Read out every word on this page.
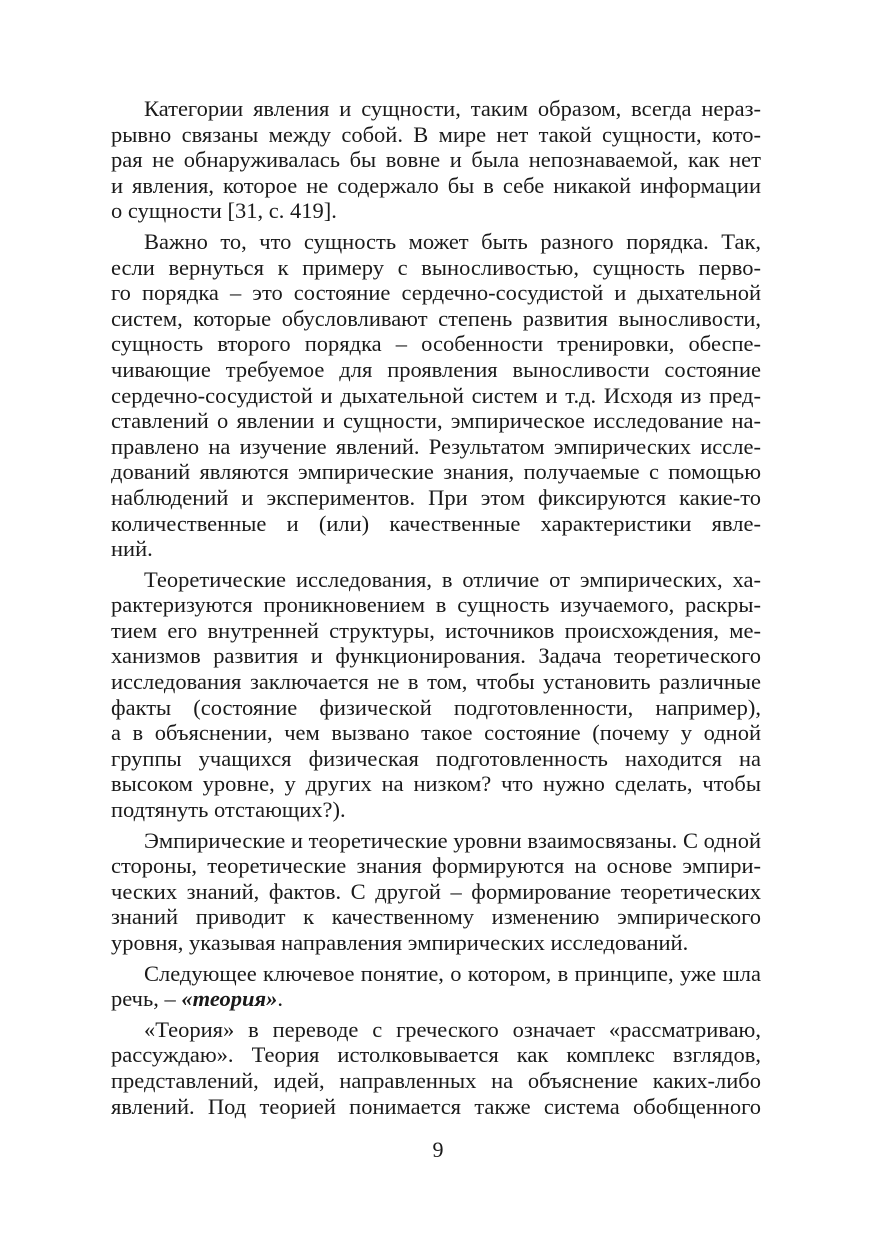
Категории явления и сущности, таким образом, всегда нераз-
рывно связаны между собой. В мире нет такой сущности, кото-
рая не обнаруживалась бы вовне и была непознаваемой, как нет
и явления, которое не содержало бы в себе никакой информации
о сущности [31, с. 419].
Важно то, что сущность может быть разного порядка. Так,
если вернуться к примеру с выносливостью, сущность перво-
го порядка – это состояние сердечно-сосудистой и дыхательной
систем, которые обусловливают степень развития выносливости,
сущность второго порядка – особенности тренировки, обеспе-
чивающие требуемое для проявления выносливости состояние
сердечно-сосудистой и дыхательной систем и т.д. Исходя из пред-
ставлений о явлении и сущности, эмпирическое исследование на-
правлено на изучение явлений. Результатом эмпирических иссле-
дований являются эмпирические знания, получаемые с помощью
наблюдений и экспериментов. При этом фиксируются какие-то
количественные и (или) качественные характеристики явле-
ний.
Теоретические исследования, в отличие от эмпирических, ха-
рактеризуются проникновением в сущность изучаемого, раскры-
тием его внутренней структуры, источников происхождения, ме-
ханизмов развития и функционирования. Задача теоретического
исследования заключается не в том, чтобы установить различные
факты (состояние физической подготовленности, например),
а в объяснении, чем вызвано такое состояние (почему у одной
группы учащихся физическая подготовленность находится на
высоком уровне, у других на низком? что нужно сделать, чтобы
подтянуть отстающих?).
Эмпирические и теоретические уровни взаимосвязаны. С одной
стороны, теоретические знания формируются на основе эмпири-
ческих знаний, фактов. С другой – формирование теоретических
знаний приводит к качественному изменению эмпирического
уровня, указывая направления эмпирических исследований.
Следующее ключевое понятие, о котором, в принципе, уже шла
речь, – «теория».
«Теория» в переводе с греческого означает «рассматриваю,
рассуждаю». Теория истолковывается как комплекс взглядов,
представлений, идей, направленных на объяснение каких-либо
явлений. Под теорией понимается также система обобщенного
9
